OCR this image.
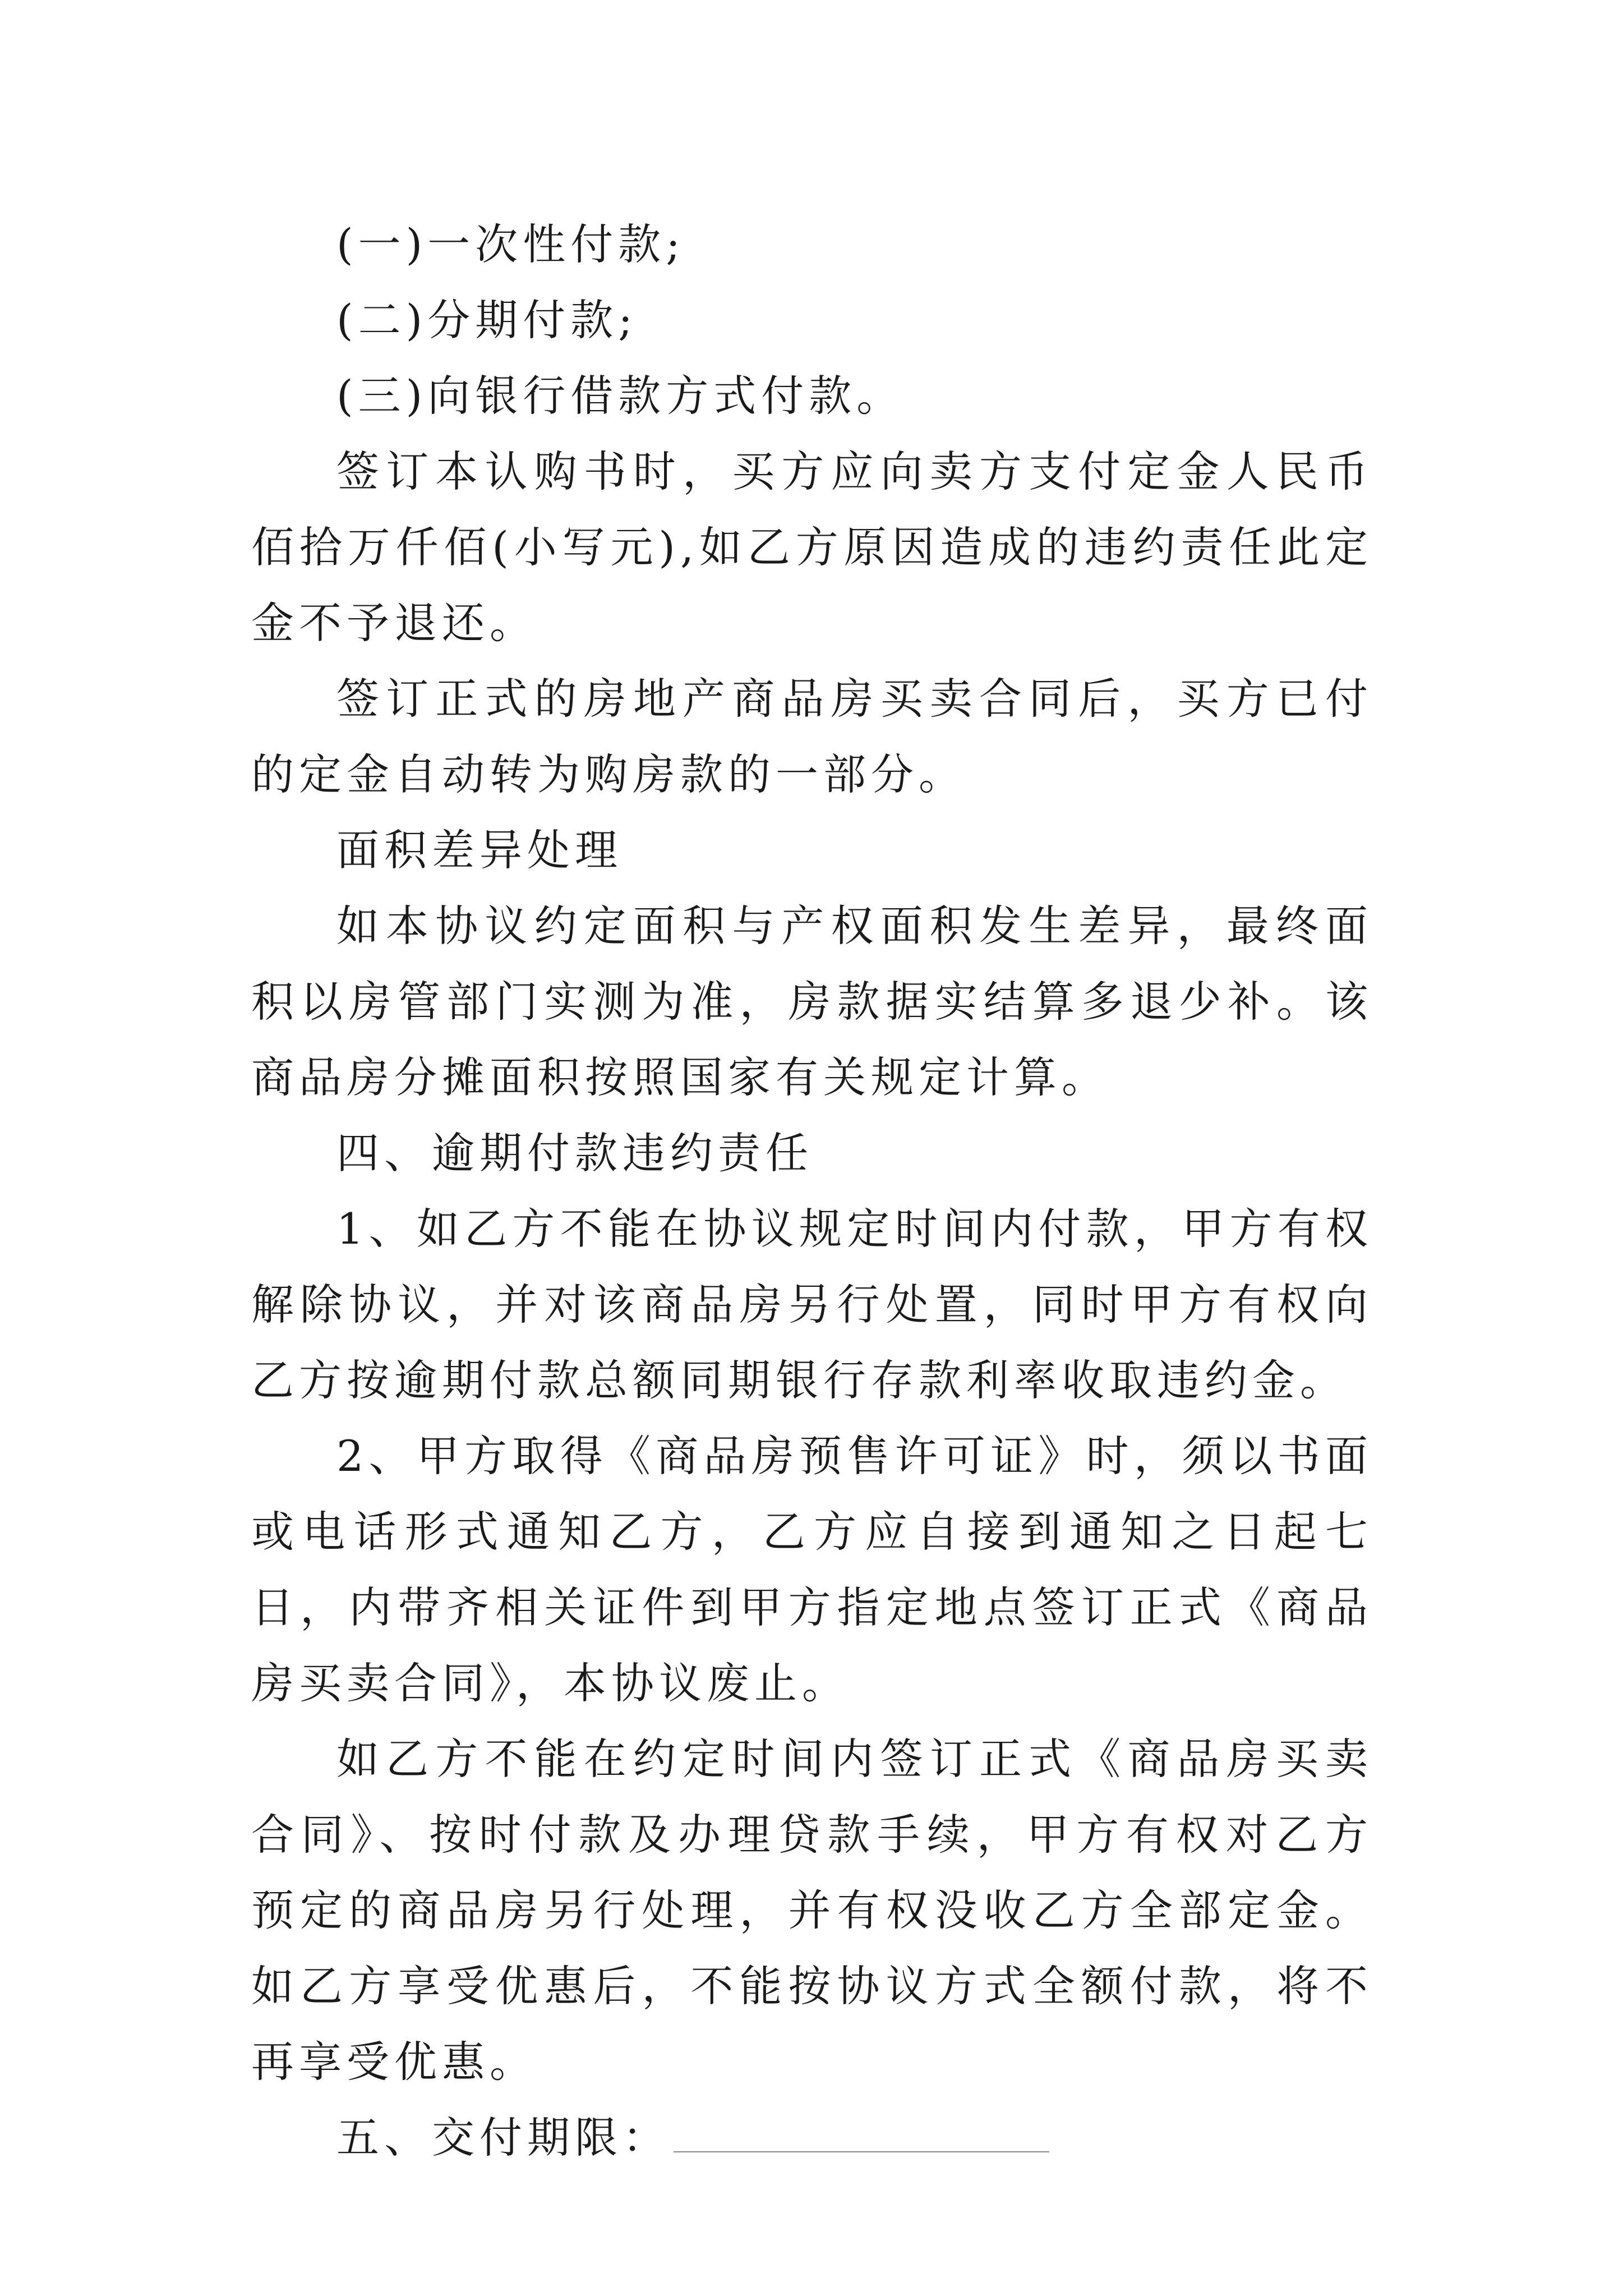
(一)一次性付款;

(二)分期付款;

(三)向银行借款方式付款。

签订本认购书时，买方应向卖方支付定金人民币佰拾万仟佰(小写元),如乙方原因造成的违约责任此定金不予退还。

签订正式的房地产商品房买卖合同后，买方已付的定金自动转为购房款的一部分。

面积差异处理

如本协议约定面积与产权面积发生差异，最终面积以房管部门实测为准，房款据实结算多退少补。该商品房分摊面积按照国家有关规定计算。

四、逾期付款违约责任

1、如乙方不能在协议规定时间内付款，甲方有权解除协议，并对该商品房另行处置，同时甲方有权向乙方按逾期付款总额同期银行存款利率收取违约金。

2、甲方取得《商品房预售许可证》时，须以书面或电话形式通知乙方，乙方应自接到通知之日起七日，内带齐相关证件到甲方指定地点签订正式《商品房买卖合同》，本协议废止。

如乙方不能在约定时间内签订正式《商品房买卖合同》、按时付款及办理贷款手续，甲方有权对乙方预定的商品房另行处理，并有权没收乙方全部定金。如乙方享受优惠后，不能按协议方式全额付款，将不再享受优惠。

五、交付期限：
